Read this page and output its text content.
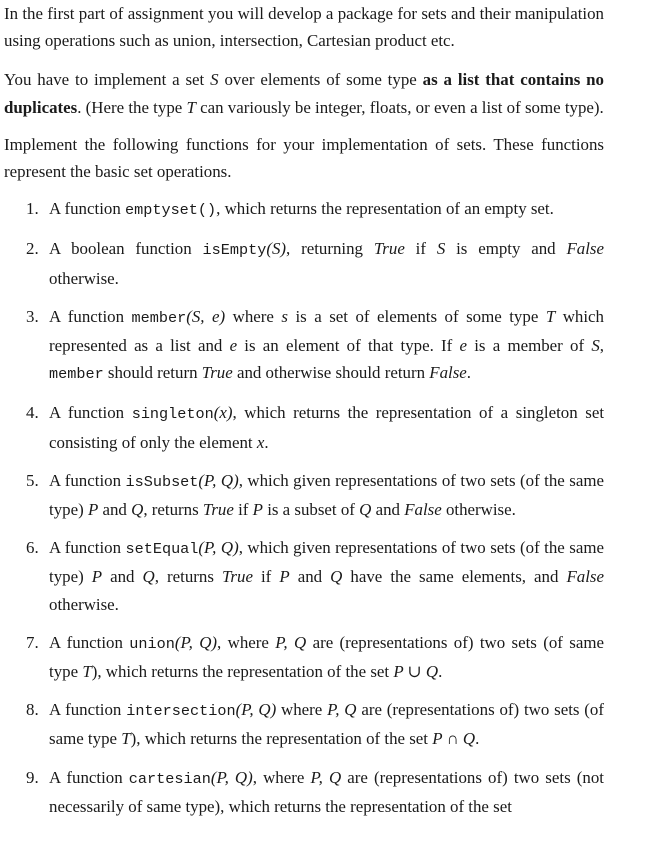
In the first part of assignment you will develop a package for sets and their manipulation using operations such as union, intersection, Cartesian product etc.

You have to implement a set S over elements of some type as a list that contains no duplicates. (Here the type T can variously be integer, floats, or even a list of some type).

Implement the following functions for your implementation of sets. These functions represent the basic set operations.

1. A function emptyset(), which returns the representation of an empty set.
2. A boolean function isEmpty(S), returning True if S is empty and False otherwise.
3. A function member(S, e) where s is a set of elements of some type T which represented as a list and e is an element of that type. If e is a member of S, member should return True and otherwise should return False.
4. A function singleton(x), which returns the representation of a singleton set consisting of only the element x.
5. A function isSubset(P, Q), which given representations of two sets (of the same type) P and Q, returns True if P is a subset of Q and False otherwise.
6. A function setEqual(P, Q), which given representations of two sets (of the same type) P and Q, returns True if P and Q have the same elements, and False otherwise.
7. A function union(P, Q), where P, Q are (representations of) two sets (of same type T), which returns the representation of the set P ∪ Q.
8. A function intersection(P, Q) where P, Q are (representations of) two sets (of same type T), which returns the representation of the set P ∩ Q.
9. A function cartesian(P, Q), where P, Q are (representations of) two sets (not necessarily of same type), which returns the representation of the set
